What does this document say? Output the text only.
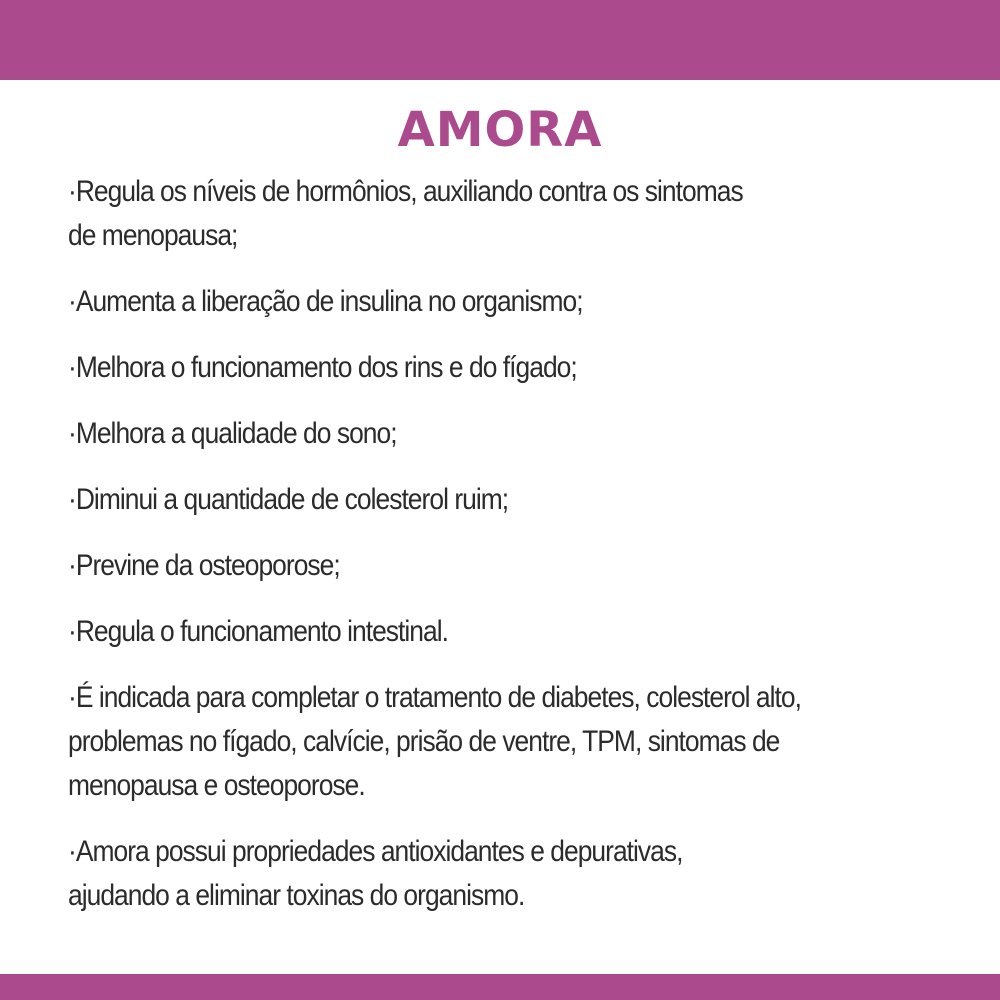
AMORA

·Regula os níveis de hormônios, auxiliando contra os sintomas
de menopausa;

·Aumenta a liberação de insulina no organismo;

·Melhora o funcionamento dos rins e do fígado;

·Melhora a qualidade do sono;

·Diminui a quantidade de colesterol ruim;

·Previne da osteoporose;

·Regula o funcionamento intestinal.

·É indicada para completar o tratamento de diabetes, colesterol alto,
problemas no fígado, calvície, prisão de ventre, TPM, sintomas de
menopausa e osteoporose.

·Amora possui propriedades antioxidantes e depurativas,
ajudando a eliminar toxinas do organismo.
